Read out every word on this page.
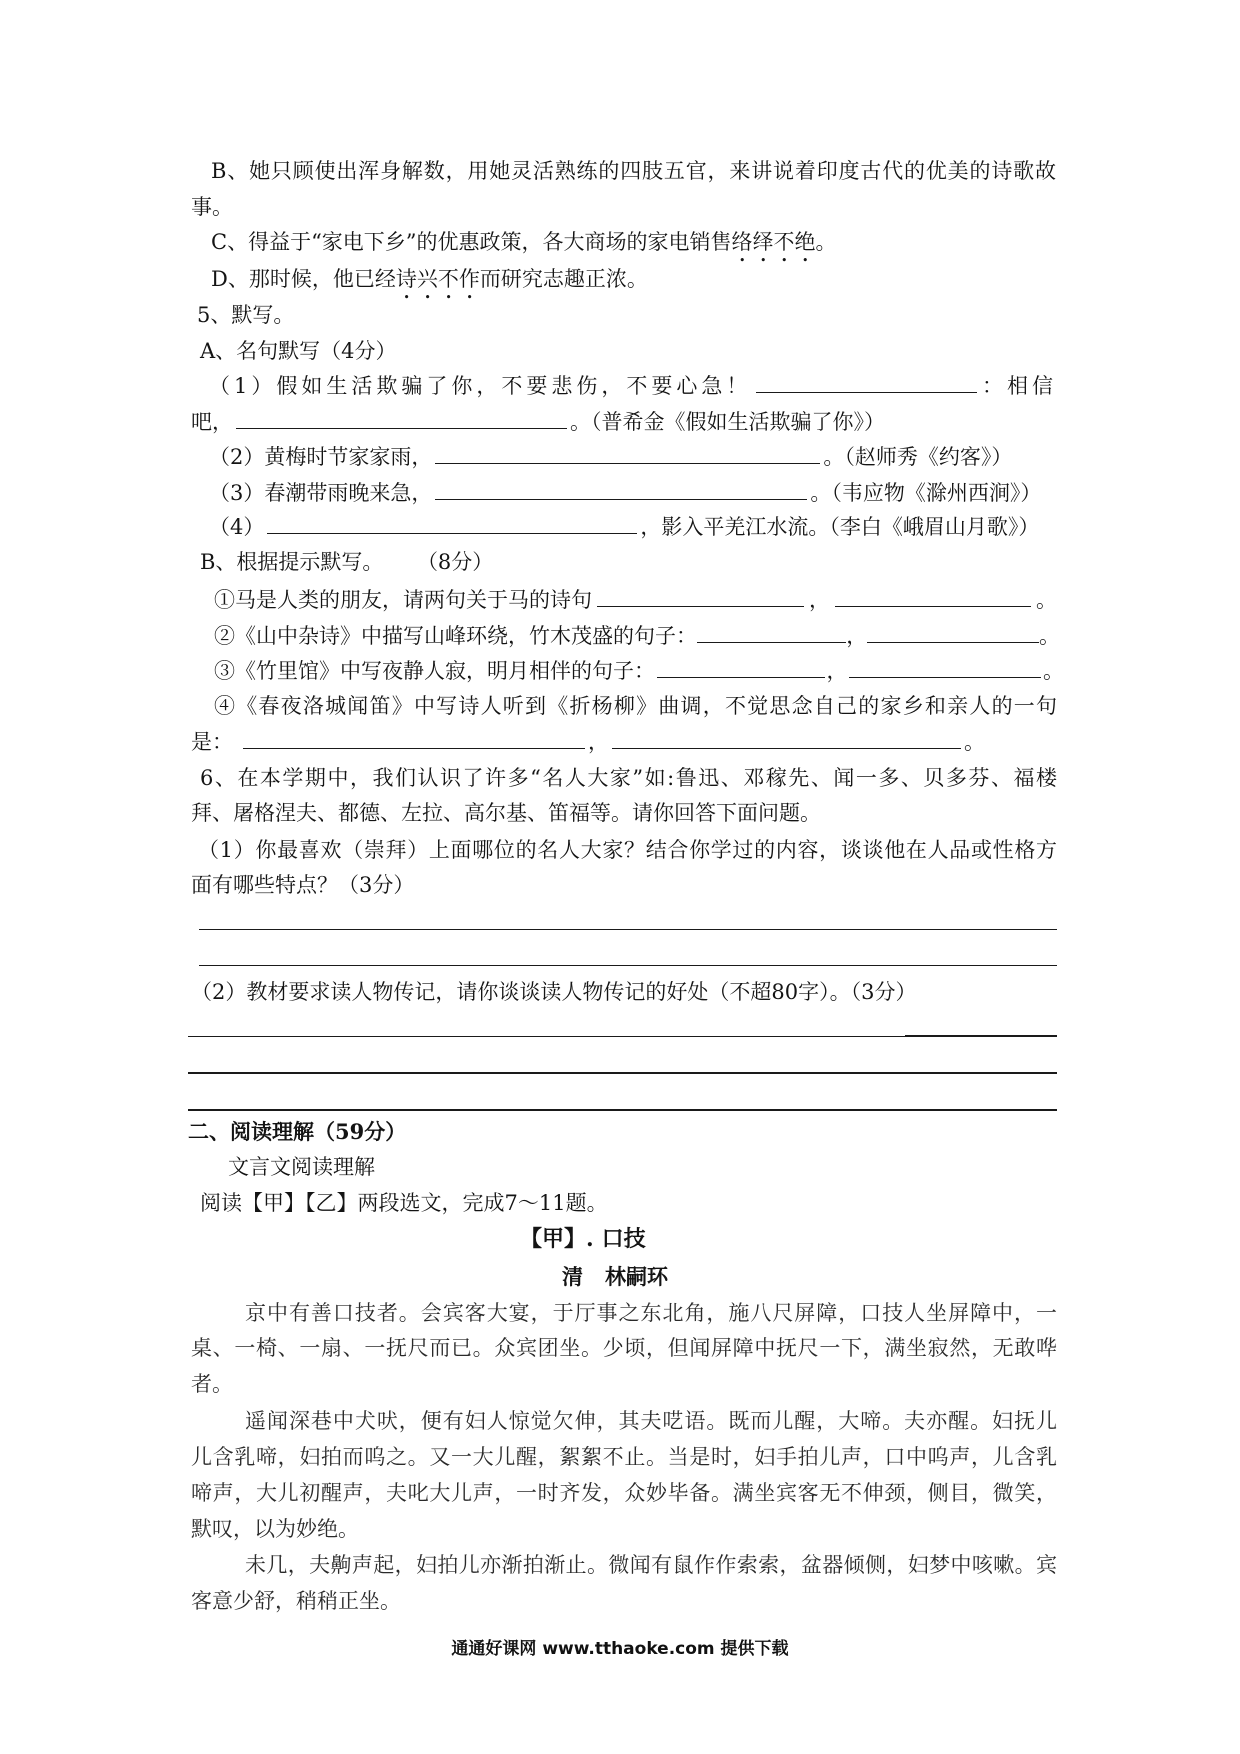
B、她只顾使出浑身解数，用她灵活熟练的四肢五官，来讲说着印度古代的优美的诗歌故
事。
C、得益于“家电下乡”的优惠政策，各大商场的家电销售络绎不绝。
D、那时候，他已经诗兴不作而研究志趣正浓。
5、默写。
A、名句默写（4分）
（1）假如生活欺骗了你，不要悲伤，不要心急！	：相信
吧，	。（普希金《假如生活欺骗了你》）
（2）黄梅时节家家雨，	。（赵师秀《约客》）
（3）春潮带雨晚来急，	。（韦应物《滁州西涧》）
（4）	，影入平羌江水流。（李白《峨眉山月歌》）
B、根据提示默写。 （8分）
①马是人类的朋友，请两句关于马的诗句	，	。
②《山中杂诗》中描写山峰环绕，竹木茂盛的句子：	，	。
③《竹里馆》中写夜静人寂，明月相伴的句子：	，	。
④《春夜洛城闻笛》中写诗人听到《折杨柳》曲调，不觉思念自己的家乡和亲人的一句
是：	，	。
6、在本学期中，我们认识了许多“名人大家”如:鲁迅、邓稼先、闻一多、贝多芬、福楼
拜、屠格涅夫、都德、左拉、高尔基、笛福等。请你回答下面问题。
（1）你最喜欢（崇拜）上面哪位的名人大家？结合你学过的内容，谈谈他在人品或性格方
面有哪些特点？（3分）
（2）教材要求读人物传记，请你谈谈读人物传记的好处（不超80字）。（3分）
二、阅读理解（59分）
文言文阅读理解
阅读【甲】【乙】两段选文，完成7～11题。
【甲】. 口技
清 林嗣环
京中有善口技者。会宾客大宴，于厅事之东北角，施八尺屏障，口技人坐屏障中，一
桌、一椅、一扇、一抚尺而已。众宾团坐。少顷，但闻屏障中抚尺一下，满坐寂然，无敢哗
者。
遥闻深巷中犬吠，便有妇人惊觉欠伸，其夫呓语。既而儿醒，大啼。夫亦醒。妇抚儿
儿含乳啼，妇拍而呜之。又一大儿醒，絮絮不止。当是时，妇手拍儿声，口中呜声，儿含乳
啼声，大儿初醒声，夫叱大儿声，一时齐发，众妙毕备。满坐宾客无不伸颈，侧目，微笑，
默叹，以为妙绝。
未几，夫齁声起，妇拍儿亦渐拍渐止。微闻有鼠作作索索，盆器倾侧，妇梦中咳嗽。宾
客意少舒，稍稍正坐。
通通好课网 www.tthaoke.com 提供下载
